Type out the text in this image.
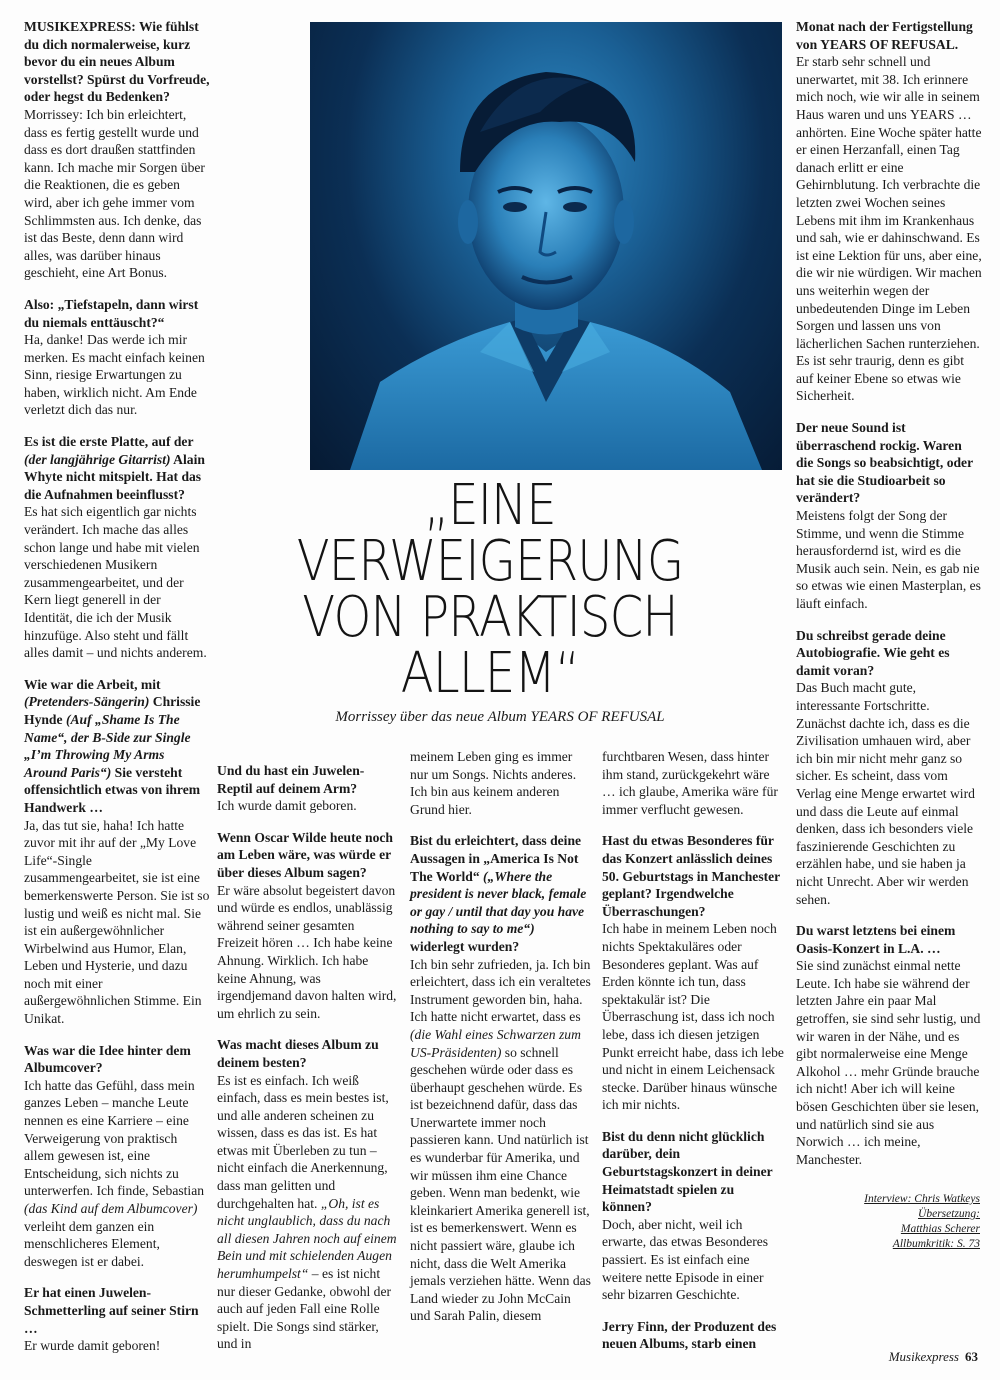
MUSIKEXPRESS: Wie fühlst du dich normalerweise, kurz bevor du ein neues Album vorstellst? Spürst du Vorfreude, oder hegst du Bedenken?
Morrissey: Ich bin erleichtert, dass es fertig gestellt wurde und dass es dort draußen stattfinden kann. Ich mache mir Sorgen über die Reaktionen, die es geben wird, aber ich gehe immer vom Schlimmsten aus. Ich denke, das ist das Beste, denn dann wird alles, was darüber hinaus geschieht, eine Art Bonus.

Also: „Tiefstapeln, dann wirst du niemals enttäuscht?“
Ha, danke! Das werde ich mir merken. Es macht einfach keinen Sinn, riesige Erwartungen zu haben, wirklich nicht. Am Ende verletzt dich das nur.

Es ist die erste Platte, auf der (der langjährige Gitarrist) Alain Whyte nicht mitspielt. Hat das die Aufnahmen beeinflusst?
Es hat sich eigentlich gar nichts verändert. Ich mache das alles schon lange und habe mit vielen verschiedenen Musikern zusammengearbeitet, und der Kern liegt generell in der Identität, die ich der Musik hinzufüge. Also steht und fällt alles damit – und nichts anderem.

Wie war die Arbeit, mit (Pretenders-Sängerin) Chrissie Hynde (Auf „Shame Is The Name“, der B-Side zur Single „I’m Throwing My Arms Around Paris“) Sie versteht offensichtlich etwas von ihrem Handwerk …
Ja, das tut sie, haha! Ich hatte zuvor mit ihr auf der „My Love Life“-Single zusammengearbeitet, sie ist eine bemerkenswerte Person. Sie ist so lustig und weiß es nicht mal. Sie ist ein außergewöhnlicher Wirbelwind aus Humor, Elan, Leben und Hysterie, und dazu noch mit einer außergewöhnlichen Stimme. Ein Unikat.

Was war die Idee hinter dem Albumcover?
Ich hatte das Gefühl, dass mein ganzes Leben – manche Leute nennen es eine Karriere – eine Verweigerung von praktisch allem gewesen ist, eine Entscheidung, sich nichts zu unterwerfen. Ich finde, Sebastian (das Kind auf dem Albumcover) verleiht dem ganzen ein menschlicheres Element, deswegen ist er dabei.

Er hat einen Juwelen-Schmetterling auf seiner Stirn …
Er wurde damit geboren!

„EINE
VERWEIGERUNG
VON PRAKTISCH
ALLEM“
Morrissey über das neue Album YEARS OF REFUSAL

Und du hast ein Juwelen-Reptil auf deinem Arm?
Ich wurde damit geboren.

Wenn Oscar Wilde heute noch am Leben wäre, was würde er über dieses Album sagen?
Er wäre absolut begeistert davon und würde es endlos, unablässig während seiner gesamten Freizeit hören … Ich habe keine Ahnung. Wirklich. Ich habe keine Ahnung, was irgendjemand davon halten wird, um ehrlich zu sein.

Was macht dieses Album zu deinem besten?
Es ist es einfach. Ich weiß einfach, dass es mein bestes ist, und alle anderen scheinen zu wissen, dass es das ist. Es hat etwas mit Überleben zu tun – nicht einfach die Anerkennung, dass man gelitten und durchgehalten hat. „Oh, ist es nicht unglaublich, dass du nach all diesen Jahren noch auf einem Bein und mit schielenden Augen herumhumpelst“ – es ist nicht nur dieser Gedanke, obwohl der auch auf jeden Fall eine Rolle spielt. Die Songs sind stärker, und in

meinem Leben ging es immer nur um Songs. Nichts anderes. Ich bin aus keinem anderen Grund hier.

Bist du erleichtert, dass deine Aussagen in „America Is Not The World“ („Where the president is never black, female or gay / until that day you have nothing to say to me“) widerlegt wurden?
Ich bin sehr zufrieden, ja. Ich bin erleichtert, dass ich ein veraltetes Instrument geworden bin, haha. Ich hatte nicht erwartet, dass es (die Wahl eines Schwarzen zum US-Präsidenten) so schnell geschehen würde oder dass es überhaupt geschehen würde. Es ist bezeichnend dafür, dass das Unerwartete immer noch passieren kann. Und natürlich ist es wunderbar für Amerika, und wir müssen ihm eine Chance geben. Wenn man bedenkt, wie kleinkariert Amerika generell ist, ist es bemerkenswert. Wenn es nicht passiert wäre, glaube ich nicht, dass die Welt Amerika jemals verziehen hätte. Wenn das Land wieder zu John McCain und Sarah Palin, diesem

furchtbaren Wesen, dass hinter ihm stand, zurückgekehrt wäre … ich glaube, Amerika wäre für immer verflucht gewesen.

Hast du etwas Besonderes für das Konzert anlässlich deines 50. Geburtstags in Manchester geplant? Irgendwelche Überraschungen?
Ich habe in meinem Leben noch nichts Spektakuläres oder Besonderes geplant. Was auf Erden könnte ich tun, dass spektakulär ist? Die Überraschung ist, dass ich noch lebe, dass ich diesen jetzigen Punkt erreicht habe, dass ich lebe und nicht in einem Leichensack stecke. Darüber hinaus wünsche ich mir nichts.

Bist du denn nicht glücklich darüber, dein Geburtstagskonzert in deiner Heimatstadt spielen zu können?
Doch, aber nicht, weil ich erwarte, das etwas Besonderes passiert. Es ist einfach eine weitere nette Episode in einer sehr bizarren Geschichte.

Jerry Finn, der Produzent des neuen Albums, starb einen

Monat nach der Fertigstellung von YEARS OF REFUSAL.
Er starb sehr schnell und unerwartet, mit 38. Ich erinnere mich noch, wie wir alle in seinem Haus waren und uns YEARS … anhörten. Eine Woche später hatte er einen Herzanfall, einen Tag danach erlitt er eine Gehirnblutung. Ich verbrachte die letzten zwei Wochen seines Lebens mit ihm im Krankenhaus und sah, wie er dahinschwand. Es ist eine Lektion für uns, aber eine, die wir nie würdigen. Wir machen uns weiterhin wegen der unbedeutenden Dinge im Leben Sorgen und lassen uns von lächerlichen Sachen runterziehen. Es ist sehr traurig, denn es gibt auf keiner Ebene so etwas wie Sicherheit.

Der neue Sound ist überraschend rockig. Waren die Songs so beabsichtigt, oder hat sie die Studioarbeit so verändert?
Meistens folgt der Song der Stimme, und wenn die Stimme herausfordernd ist, wird es die Musik auch sein. Nein, es gab nie so etwas wie einen Masterplan, es läuft einfach.

Du schreibst gerade deine Autobiografie. Wie geht es damit voran?
Das Buch macht gute, interessante Fortschritte. Zunächst dachte ich, dass es die Zivilisation umhauen wird, aber ich bin mir nicht mehr ganz so sicher. Es scheint, dass vom Verlag eine Menge erwartet wird und dass die Leute auf einmal denken, dass ich besonders viele faszinierende Geschichten zu erzählen habe, und sie haben ja nicht Unrecht. Aber wir werden sehen.

Du warst letztens bei einem Oasis-Konzert in L.A. …
Sie sind zunächst einmal nette Leute. Ich habe sie während der letzten Jahre ein paar Mal getroffen, sie sind sehr lustig, und wir waren in der Nähe, und es gibt normalerweise eine Menge Alkohol … mehr Gründe brauche ich nicht! Aber ich will keine bösen Geschichten über sie lesen, und natürlich sind sie aus Norwich … ich meine, Manchester.

Interview: Chris Watkeys
Übersetzung:
Matthias Scherer
Allbumkritik: S. 73
Musikexpress 63
